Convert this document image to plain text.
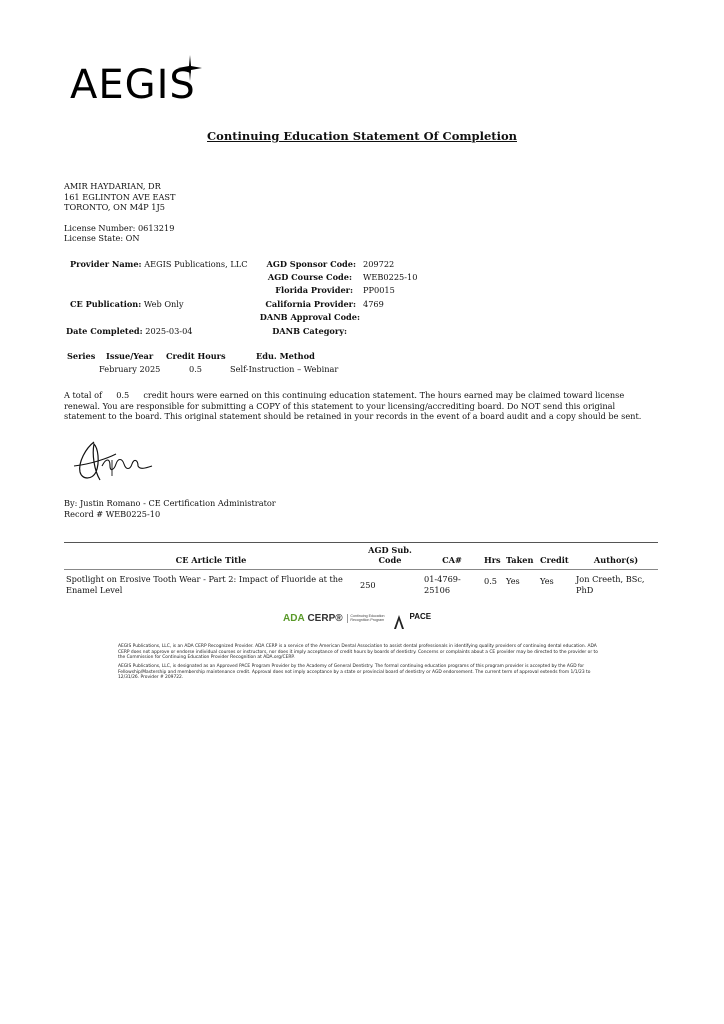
AEGIS
Continuing Education Statement Of Completion
AMIR HAYDARIAN, DR
161 EGLINTON AVE EAST
TORONTO, ON M4P 1J5
License Number: 0613219
License State: ON
Provider Name: AEGIS Publications, LLC
CE Publication: Web Only
Date Completed: 2025-03-04
AGD Sponsor Code: 209722
AGD Course Code: WEB0225-10
Florida Provider: PP0015
California Provider: 4769
DANB Approval Code:
DANB Category:
Series Issue/Year Credit Hours	Edu. Method
February 2025	0.5	Self-Instruction – Webinar
A total of 0.5 credit hours were earned on this continuing education statement. The hours earned may be claimed toward license
renewal. You are responsible for submitting a COPY of this statement to your licensing/accrediting board. Do NOT send this original
statement to the board. This original statement should be retained in your records in the event of a board audit and a copy should be sent.
By: Justin Romano - CE Certification Administrator
Record # WEB0225-10
CE Article Title	AGD Sub. Code	CA#	Hrs	Taken	Credit	Author(s)
Spotlight on Erosive Tooth Wear - Part 2: Impact of Fluoride at the Enamel Level	250	01-4769-25106	0.5	Yes	Yes	Jon Creeth, BSc, PhD
ADA CERP® Continuing Education Recognition Program	$^{PACE}$
AEGIS Publications, LLC, is an ADA CERP Recognized Provider. ADA CERP is a service of the American Dental Association to assist dental professionals in identifying quality providers of continuing dental education. ADA CERP does not approve or endorse individual courses or instructors, nor does it imply acceptance of credit hours by boards of dentistry. Concerns or complaints about a CE provider may be directed to the provider or to the Commission for Continuing Education Provider Recognition at ADA.org/CERP.
AEGIS Publications, LLC, is designated as an Approved PACE Program Provider by the Academy of General Dentistry. The formal continuing education programs of this program provider is accepted by the AGD for Fellowship/Mastership and membership maintenance credit. Approval does not imply acceptance by a state or provincial board of dentistry or AGD endorsement. The current term of approval extends from 1/1/23 to 12/31/26. Provider # 209722.
